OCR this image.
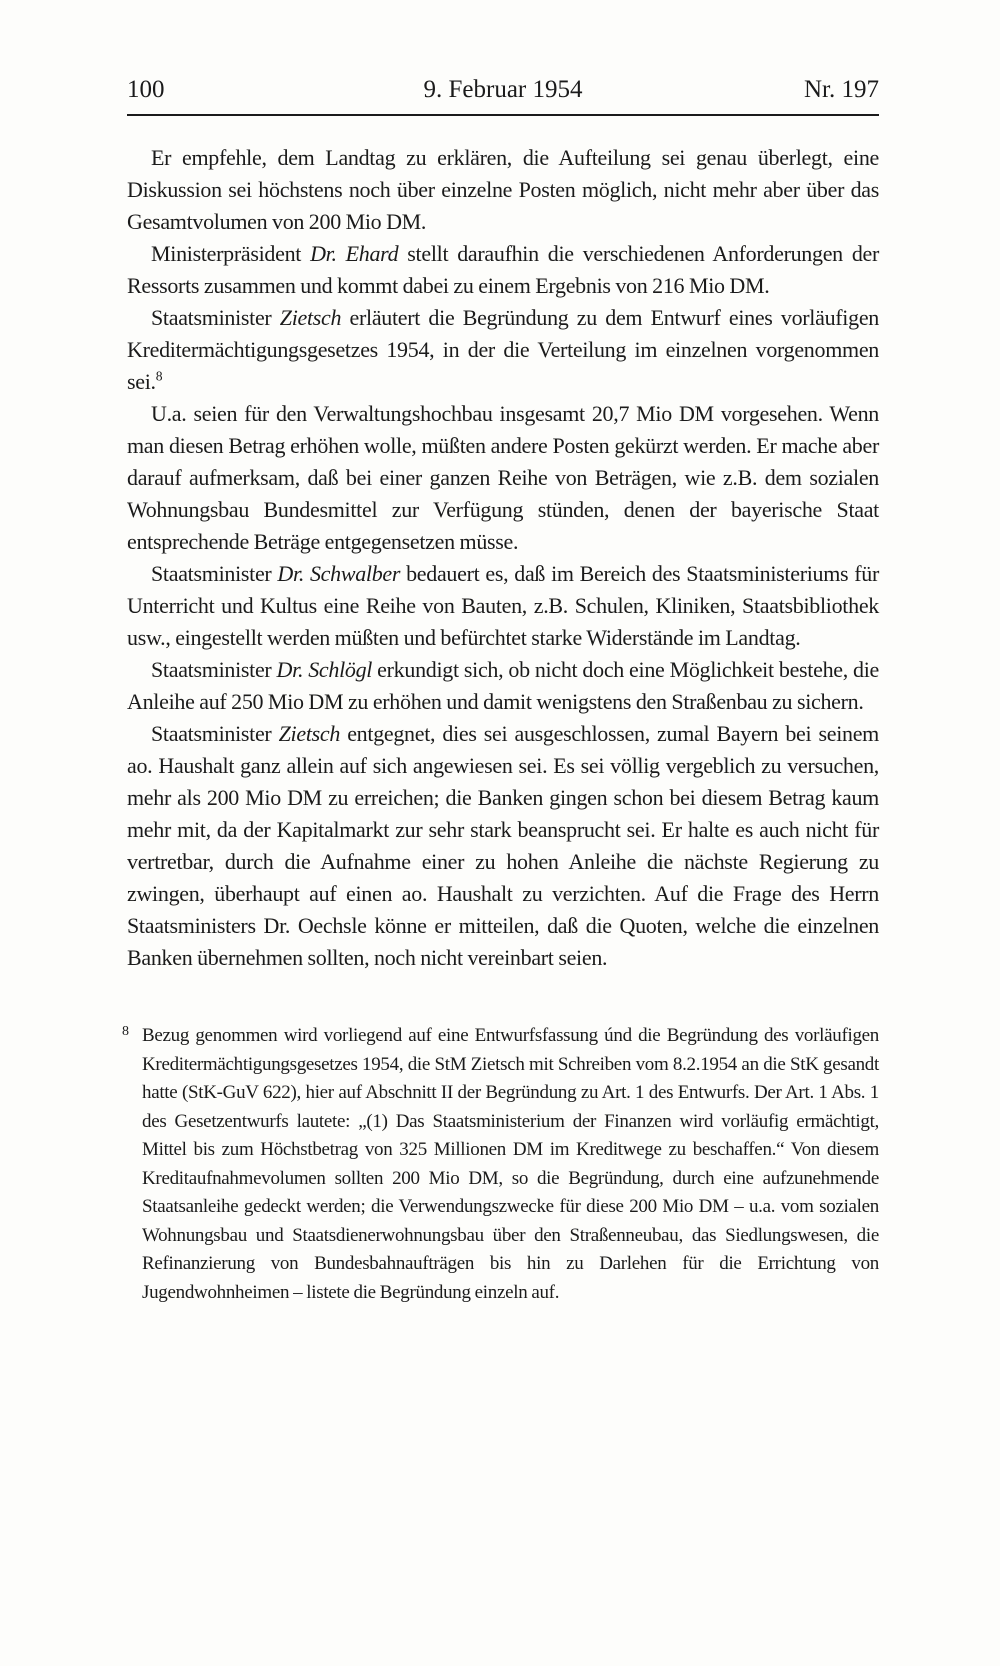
100	9. Februar 1954	Nr. 197

Er empfehle, dem Landtag zu erklären, die Aufteilung sei genau überlegt, eine Diskussion sei höchstens noch über einzelne Posten möglich, nicht mehr aber über das Gesamtvolumen von 200 Mio DM.

Ministerpräsident Dr. Ehard stellt daraufhin die verschiedenen Anforderungen der Ressorts zusammen und kommt dabei zu einem Ergebnis von 216 Mio DM.

Staatsminister Zietsch erläutert die Begründung zu dem Entwurf eines vorläufigen Kreditermächtigungsgesetzes 1954, in der die Verteilung im einzelnen vorgenommen sei.$^8$

U.a. seien für den Verwaltungshochbau insgesamt 20,7 Mio DM vorgesehen. Wenn man diesen Betrag erhöhen wolle, müßten andere Posten gekürzt werden. Er mache aber darauf aufmerksam, daß bei einer ganzen Reihe von Beträgen, wie z.B. dem sozialen Wohnungsbau Bundesmittel zur Verfügung stünden, denen der bayerische Staat entsprechende Beträge entgegensetzen müsse.

Staatsminister Dr. Schwalber bedauert es, daß im Bereich des Staatsministeriums für Unterricht und Kultus eine Reihe von Bauten, z.B. Schulen, Kliniken, Staatsbibliothek usw., eingestellt werden müßten und befürchtet starke Widerstände im Landtag.

Staatsminister Dr. Schlögl erkundigt sich, ob nicht doch eine Möglichkeit bestehe, die Anleihe auf 250 Mio DM zu erhöhen und damit wenigstens den Straßenbau zu sichern.

Staatsminister Zietsch entgegnet, dies sei ausgeschlossen, zumal Bayern bei seinem ao. Haushalt ganz allein auf sich angewiesen sei. Es sei völlig vergeblich zu versuchen, mehr als 200 Mio DM zu erreichen; die Banken gingen schon bei diesem Betrag kaum mehr mit, da der Kapitalmarkt zur sehr stark beansprucht sei. Er halte es auch nicht für vertretbar, durch die Aufnahme einer zu hohen Anleihe die nächste Regierung zu zwingen, überhaupt auf einen ao. Haushalt zu verzichten. Auf die Frage des Herrn Staatsministers Dr. Oechsle könne er mitteilen, daß die Quoten, welche die einzelnen Banken übernehmen sollten, noch nicht vereinbart seien.

8 Bezug genommen wird vorliegend auf eine Entwurfsfassung únd die Begründung des vorläufigen Kreditermächtigungsgesetzes 1954, die StM Zietsch mit Schreiben vom 8.2.1954 an die StK gesandt hatte (StK-GuV 622), hier auf Abschnitt II der Begründung zu Art. 1 des Entwurfs. Der Art. 1 Abs. 1 des Gesetzentwurfs lautete: „(1) Das Staatsministerium der Finanzen wird vorläufig ermächtigt, Mittel bis zum Höchstbetrag von 325 Millionen DM im Kreditwege zu beschaffen.“ Von diesem Kreditaufnahmevolumen sollten 200 Mio DM, so die Begründung, durch eine aufzunehmende Staatsanleihe gedeckt werden; die Verwendungszwecke für diese 200 Mio DM – u.a. vom sozialen Wohnungsbau und Staatsdienerwohnungsbau über den Straßenneubau, das Siedlungswesen, die Refinanzierung von Bundesbahnaufträgen bis hin zu Darlehen für die Errichtung von Jugendwohnheimen – listete die Begründung einzeln auf.
